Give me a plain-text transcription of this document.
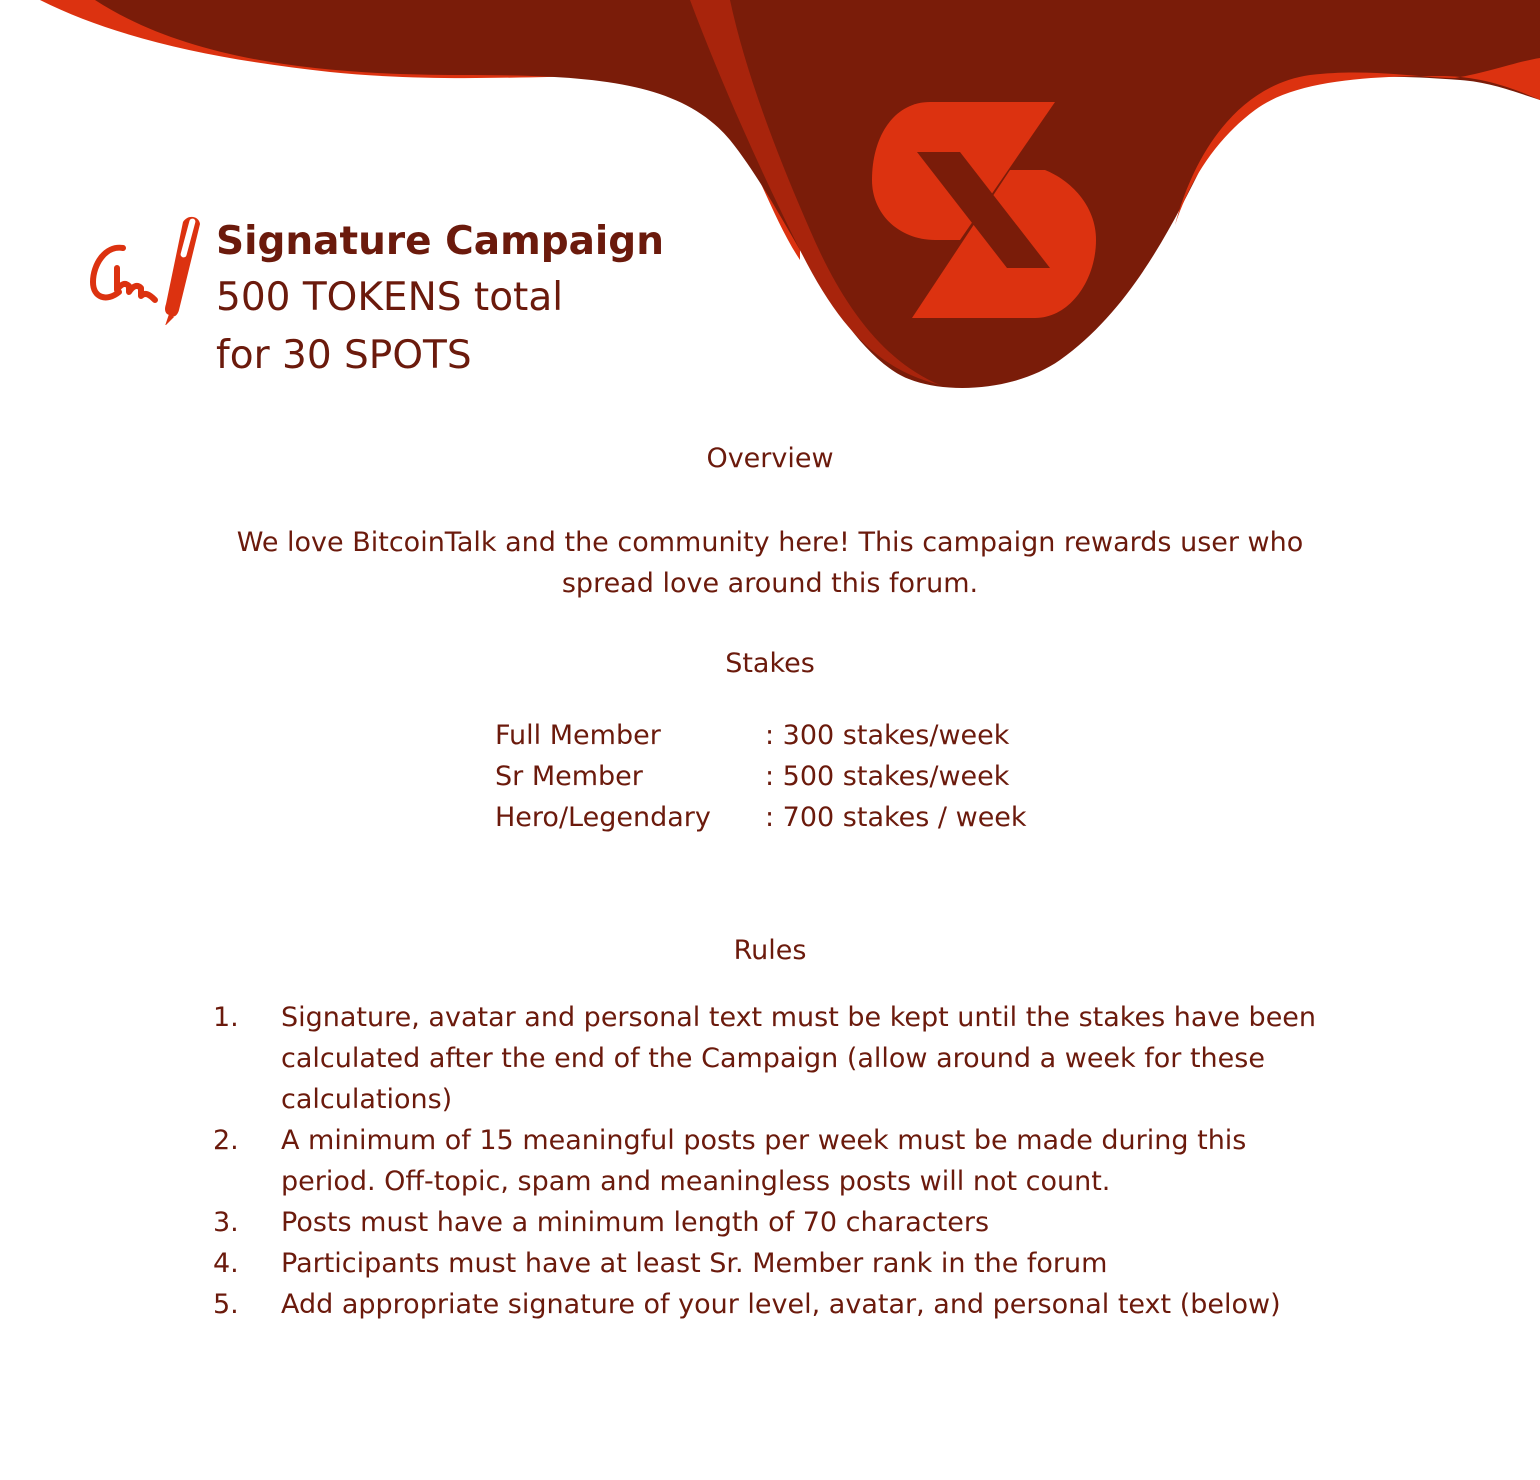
Signature Campaign
500 TOKENS total
for 30 SPOTS
Overview
We love BitcoinTalk and the community here! This campaign rewards user who spread love around this forum.
Stakes
Full Member	: 300 stakes/week
Sr Member	: 500 stakes/week
Hero/Legendary	: 700 stakes / week
Rules
1.	Signature, avatar and personal text must be kept until the stakes have been calculated after the end of the Campaign (allow around a week for these calculations)
2.	A minimum of 15 meaningful posts per week must be made during this period. Off-topic, spam and meaningless posts will not count.
3.	Posts must have a minimum length of 70 characters
4.	Participants must have at least Sr. Member rank in the forum
5.	Add appropriate signature of your level, avatar, and personal text (below)
